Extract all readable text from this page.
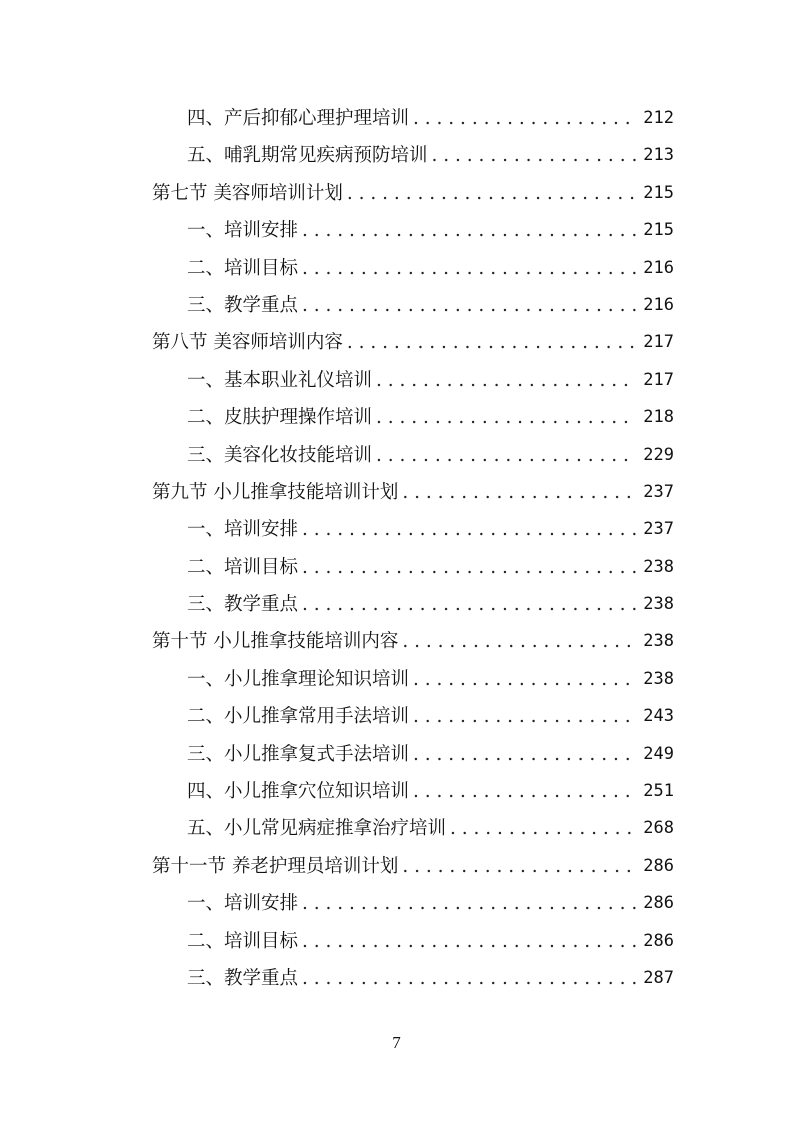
四、产后抑郁心理护理培训 . . .	212
五、哺乳期常见疾病预防培训 . . .	213
第七节 美容师培训计划 . . .	215
一、培训安排 . . .	215
二、培训目标 . . .	216
三、教学重点 . . .	216
第八节 美容师培训内容 . . .	217
一、基本职业礼仪培训 . . .	217
二、皮肤护理操作培训 . . .	218
三、美容化妆技能培训 . . .	229
第九节 小儿推拿技能培训计划 . . .	237
一、培训安排 . . .	237
二、培训目标 . . .	238
三、教学重点 . . .	238
第十节 小儿推拿技能培训内容 . . .	238
一、小儿推拿理论知识培训 . . .	238
二、小儿推拿常用手法培训 . . .	243
三、小儿推拿复式手法培训 . . .	249
四、小儿推拿穴位知识培训 . . .	251
五、小儿常见病症推拿治疗培训 . . .	268
第十一节 养老护理员培训计划 . . .	286
一、培训安排 . . .	286
二、培训目标 . . .	286
三、教学重点 . . .	287
7
